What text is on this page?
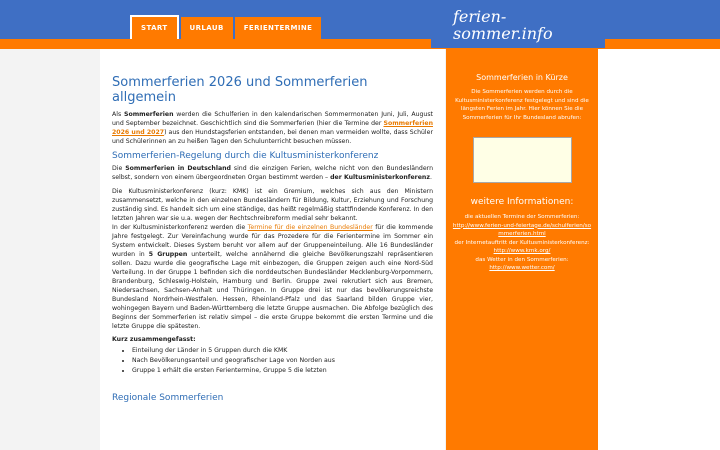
START	URLAUB	FERIENTERMINE
ferien-
sommer.info
Sommerferien 2026 und Sommerferien allgemein

Als Sommerferien werden die Schulferien in den kalendarischen Sommermonaten Juni, Juli, August und September bezeichnet. Geschichtlich sind die Sommerferien (hier die Termine der Sommerferien 2026 und 2027) aus den Hundstagsferien entstanden, bei denen man vermeiden wollte, dass Schüler und Schülerinnen an zu heißen Tagen den Schulunterricht besuchen müssen.

Sommerferien-Regelung durch die Kultusministerkonferenz

Die Sommerferien in Deutschland sind die einzigen Ferien, welche nicht von den Bundesländern selbst, sondern von einem übergeordneten Organ bestimmt werden – der Kultusministerkonferenz.

Die Kultusministerkonferenz (kurz: KMK) ist ein Gremium, welches sich aus den Ministern zusammensetzt, welche in den einzelnen Bundesländern für Bildung, Kultur, Erziehung und Forschung zuständig sind. Es handelt sich um eine ständige, das heißt regelmäßig stattfindende Konferenz. In den letzten Jahren war sie u.a. wegen der Rechtschreibreform medial sehr bekannt.

In der Kultusministerkonferenz werden die Termine für die einzelnen Bundesländer für die kommende Jahre festgelegt. Zur Vereinfachung wurde für das Prozedere für die Ferientermine im Sommer ein System entwickelt. Dieses System beruht vor allem auf der Gruppeneinteilung. Alle 16 Bundesländer wurden in 5 Gruppen unterteilt, welche annähernd die gleiche Bevölkerungszahl repräsentieren sollen. Dazu wurde die geografische Lage mit einbezogen, die Gruppen zeigen auch eine Nord-Süd Verteilung. In der Gruppe 1 befinden sich die norddeutschen Bundesländer Mecklenburg-Vorpommern, Brandenburg, Schleswig-Holstein, Hamburg und Berlin. Gruppe zwei rekrutiert sich aus Bremen, Niedersachsen, Sachsen-Anhalt und Thüringen. In Gruppe drei ist nur das bevölkerungsreichste Bundesland Nordrhein-Westfalen. Hessen, Rheinland-Pfalz und das Saarland bilden Gruppe vier, wohingegen Bayern und Baden-Württemberg die letzte Gruppe ausmachen. Die Abfolge bezüglich des Beginns der Sommerferien ist relativ simpel – die erste Gruppe bekommt die ersten Termine und die letzte Gruppe die spätesten.

Kurz zusammengefasst:
• Einteilung der Länder in 5 Gruppen durch die KMK
• Nach Bevölkerungsanteil und geografischer Lage von Norden aus
• Gruppe 1 erhält die ersten Ferientermine, Gruppe 5 die letzten
Regionale Sommerferien
Sommerferien in Kürze
Die Sommerferien werden durch die Kultusministerkonferenz festgelegt und sind die längsten Ferien im Jahr. Hier können Sie die Sommerferien für Ihr Bundesland abrufen:
weitere Informationen:
die aktuellen Termine der Sommerferien:
http://www.ferien-und-feiertage.de/schulferien/sommerferien.html
der Internetauftritt der Kultusministerkonferenz:
http://www.kmk.org/
das Wetter in den Sommerferien:
http://www.wetter.com/
